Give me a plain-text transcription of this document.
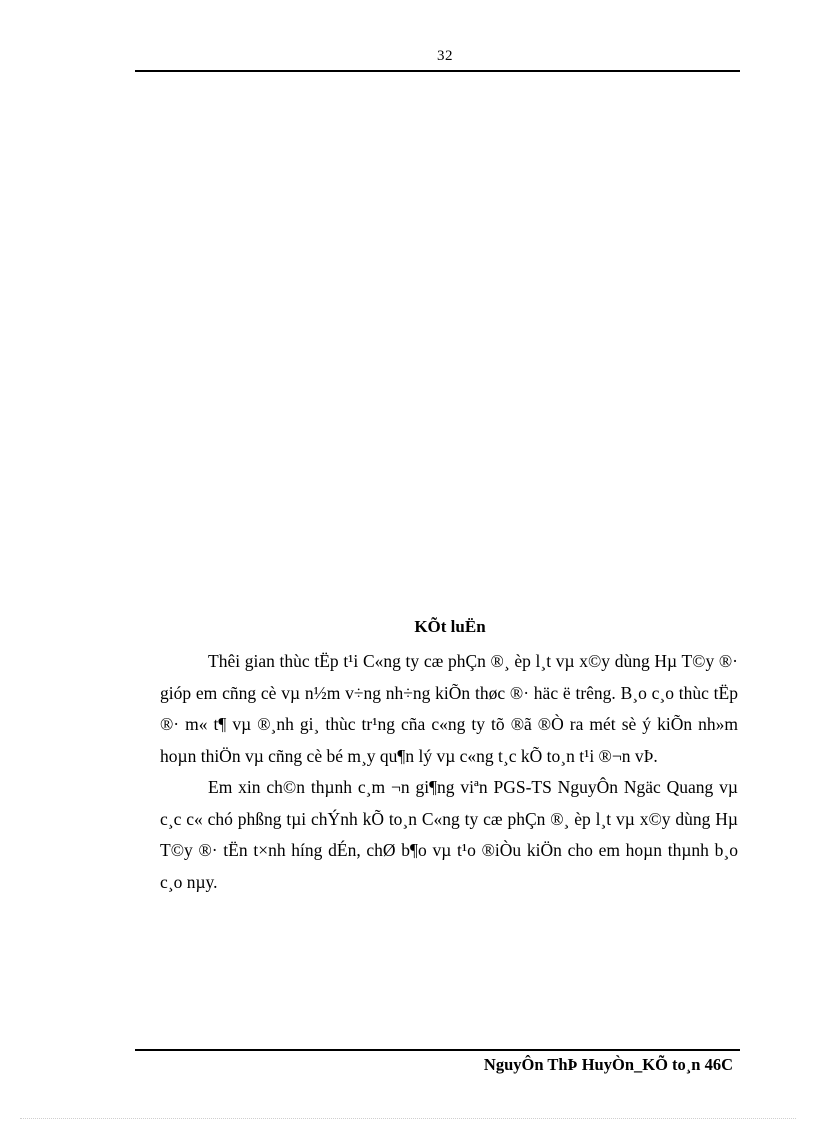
32
KÕt luËn

Thêi gian thùc tËp t¹i C«ng ty cæ phÇn ®¸ èp l¸t vµ x©y dùng Hµ T©y ®· gióp em cñng cè vµ n½m v÷ng nh÷ng kiÕn thøc ®· häc ë trêng. B¸o c¸o thùc tËp ®· m« t¶ vµ ®¸nh gi¸ thùc tr¹ng cña c«ng ty tõ ®ã ®Ò ra mét sè ý kiÕn nh»m hoµn thiÖn vµ cñng cè bé m¸y qu¶n lý vµ c«ng t¸c kÕ to¸n t¹i ®¬n vÞ.

Em xin ch©n thµnh c¸m ¬n gi¶ng viªn PGS-TS NguyÔn Ngäc Quang vµ c¸c c« chó phßng tµi chÝnh kÕ to¸n C«ng ty cæ phÇn ®¸ èp l¸t vµ x©y dùng Hµ T©y ®· tËn t×nh híng dÉn, chØ b¶o vµ t¹o ®iÒu kiÖn cho em hoµn thµnh b¸o c¸o nµy.

NguyÔn ThÞ HuyÒn_KÕ to¸n 46C
